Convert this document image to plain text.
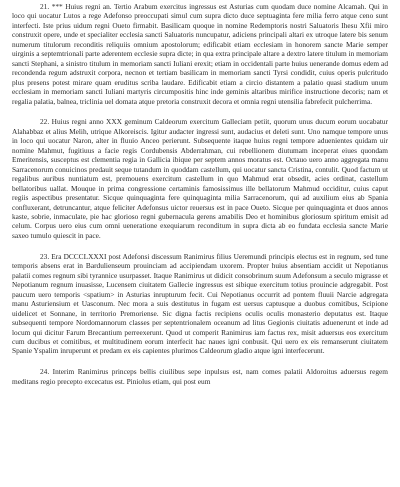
21. *** Huius regni an. Tertio Arabum exercitus ingressus est Asturias cum quodam duce nomine Alcamah. Qui in loco qui uocatur Lutos a rege Adefonso preoccupati simul cum supra dicto duce septuaginta fere milia ferro atque ceno sunt interfecti. Iste prius uidum regni Oueto firmabit. Basilicam quoque in nomine Redemptoris nostri Saluatoris Ihesu Xfii miro construxit opere, unde et specialiter ecclesia sancti Saluatoris nuncupatur, adiciens principali altari ex utroque latere bis senum numerum titulorum reconditis reliquiis omnium apostolorum; edificabit etiam ecclesiam in honorem sancte Marie semper uirginis a septemtrionali parte aderentem ecclesie supra dicte; in qua extra principale altare a dextro latere titulum in memoriam sancti Stephani, a sinistro titulum in memoriam sancti Iuliani erexit; etiam in occidentali parte huius uenerande domus edem ad recondenda regum adstruxit corpora, necnon et tertiam basilicam in memoriam sancti Tyrsi condidit, cuius operis pulcritudo plus presens potest mirare quam eruditus scriba laudare. Edificabit etiam a circio distantem a palatio quasi stadium unum ecclesiam in memoriam sancti Iuliani martyris circumpositis hinc inde geminis altaribus mirifice instructione decoris; nam et regalia palatia, balnea, triclinia uel domata atque pretoria construxit decora et omnia regni utensilia fabrefecit pulcherrima.

22. Huius regni anno XXX geminum Caldeorum exercitum Galleciam petiit, quorum unus ducum eorum uocabatur Alahabbaz et alius Melih, utrique Alkoreiscis. Igitur audacter ingressi sunt, audacius et deleti sunt. Uno namque tempore unus in loco qui uocatur Naron, alter in fluuio Anceo perierunt. Subsequente itaque huius regni tempore aduenientes quidam uir nomine Mahmut, fugitiuus a facie regis Cordubensis Abderrahman, cui rebellionem diutumam inceperat eiues quondam Emeritensis, susceptus est clementia regia in Gallicia ibique per septem annos moratus est. Octauo uero anno aggregata manu Sarracenorum conuicinos predauit seque tutandum in quoddam castellum, qui uocatur sancta Cristina, contulit. Quod factum ut regalibus auribus nuntiatum est, premouens exercitum castellum in quo Mahmud erat obsedit, acies ordinat, castellum bellatoribus uallat. Mouque in prima congressione certaminis famosissimus ille bellatorum Mahmud occiditur, cuius caput regiis aspectibus presentatur. Sicque quinquaginta fere quinquaginta milia Sarracenorum, qui ad auxilium eius ab Spania confluxerant, detruncantur, atque feliciter Adefonsus uictor reuersus est in pace Oueto. Sicque per quinquaginta et duos annos kaste, sobrie, inmaculate, pie hac glorioso regni gubernacula gerens amabilis Deo et hominibus gloriosum spiritum emisit ad celum. Corpus uero eius cum omni ueneratione exequiarum reconditum in supra dicta ab eo fundata ecclesia sancte Marie saxeo tumulo quiescit in pace.

23. Era DCCCLXXXI post Adefonsi discessum Ranimirus filius Ueremundi principis electus est in regnum, sed tune temporis absens erat in Bardulienseum prouinciam ad accipiendam uxorem. Propter huius absentiam accidit ut Nepotianus palatii comes regnum sibi tyrannice usurpasset. Itaque Ranimirus ut didicit consobrinum suum Adefonsum a seculo migrasse et Nepotianum regnum inuasisse, Lucensem ciuitatem Gallecie ingressus est sibique exercitum totius prouincie adgregabit. Post paucum uero temporis <spatium> in Asturias inrupturum fecit. Cui Nepotianus occurrit ad pontem fluuii Narcie adgregata manu Asturiensium et Uasconum. Nec mora a suis destitutus in fugam est uersus captusque a duobus comitibus, Scipione uidelicet et Sonnane, in territorio Premoriense. Sic digna factis recipiens oculis oculis monasterio deputatus est. Itaque subsequenti tempore Nordomannorum classes per septentrionalem oceanum ad litus Gegionis ciuitatis aduenerunt et inde ad locum qui dicitur Farum Brecantium perreexerunt. Quod ut comperit Ranimirus iam factus rex, misit aduersus eos exercitum cum ducibus et comitibus, et multitudinem eorum interfecit hac naues igni conbusit. Qui uero ex eis remanserunt ciuitatem Spanie Yspalim inruperunt et predam ex eis capientes plurimos Caldeorum gladio atque igni interfecerunt.

24. Interim Ranimirus princeps bellis ciuilibus sepe inpulsus est, nam comes palatii Aldoroitus aduersus regem meditans regio precepto excecatus est. Piniolus etiam, qui post eum
